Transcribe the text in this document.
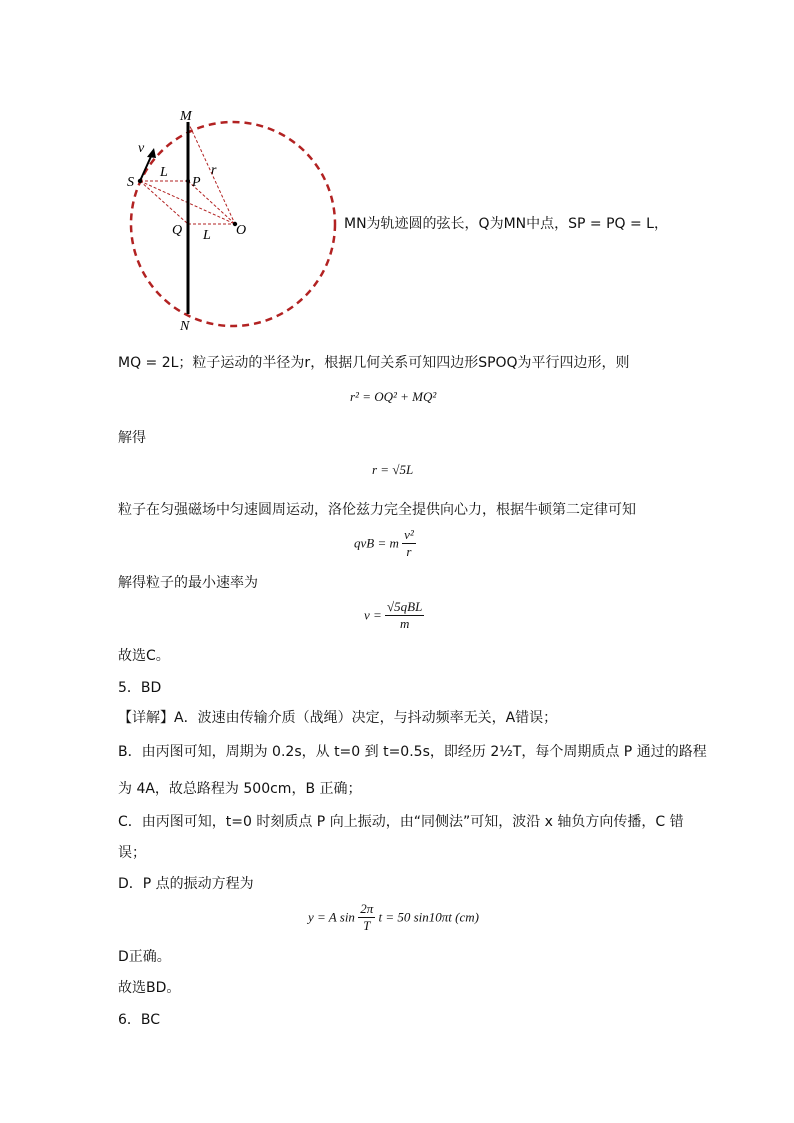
M
N
S	P
Q	O
v
L
L
r
MN为轨迹圆的弦长，Q为MN中点，SP = PQ = L，
MQ = 2L；粒子运动的半径为r，根据几何关系可知四边形SPOQ为平行四边形，则
r² = OQ² + MQ²
解得
r = √5L
粒子在匀强磁场中匀速圆周运动，洛伦兹力完全提供向心力，根据牛顿第二定律可知
qvB = m $\frac{\text{v²}}{r}$
解得粒子的最小速率为
$v = \frac{\text{√5qBL}}{m}$
故选C。
5．BD
【详解】A．波速由传输介质（战绳）决定，与抖动频率无关，A错误；
B．由丙图可知，周期为 0.2s，从 t=0 到 t=0.5s，即经历 2½T，每个周期质点 P 通过的路程
为 4A，故总路程为 500cm，B 正确；
C．由丙图可知，t=0 时刻质点 P 向上振动，由“同侧法”可知，波沿 x 轴负方向传播，C 错
误；
D．P 点的振动方程为
y = A $\sin \frac{2\pi}{T}$ t = 50 sin10πt (cm)
D正确。
故选BD。
6．BC
